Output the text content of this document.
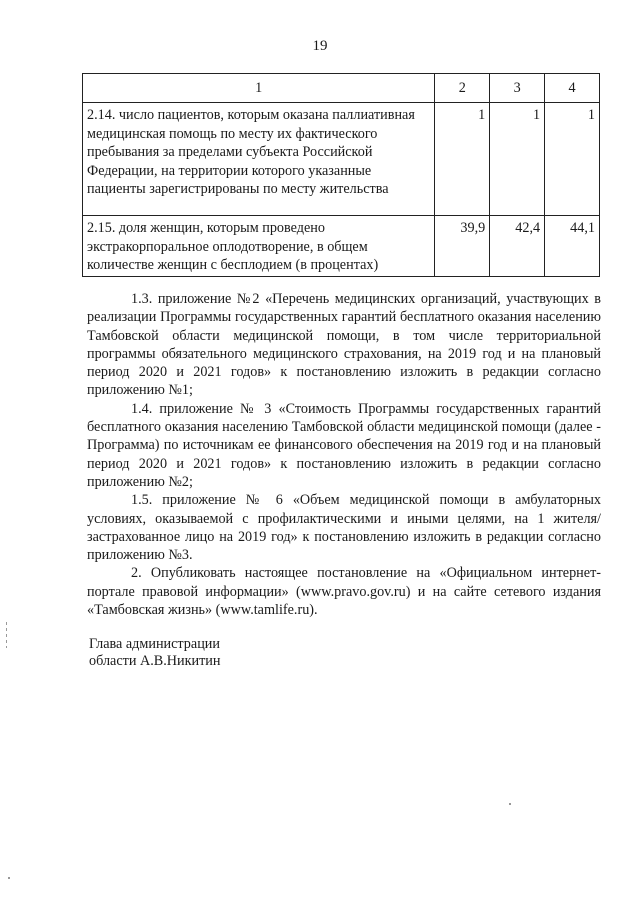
19
1	2	3	4
2.14. число пациентов, которым оказана паллиативная медицинская помощь по месту их фактического пребывания за пределами субъекта Российской Федерации, на территории которого указанные пациенты зарегистрированы по месту жительства	1	1	1
2.15. доля женщин, которым проведено экстракорпоральное оплодотворение, в общем количестве женщин с бесплодием (в процентах)	39,9	42,4	44,1

1.3. приложение №2 «Перечень медицинских организаций, участвующих в реализации Программы государственных гарантий бесплатного оказания населению Тамбовской области медицинской помощи, в том числе территориальной программы обязательного медицинского страхования, на 2019 год и на плановый период 2020 и 2021 годов» к постановлению изложить в редакции согласно приложению №1;

1.4. приложение № 3 «Стоимость Программы государственных гарантий бесплатного оказания населению Тамбовской области медицинской помощи (далее - Программа) по источникам ее финансового обеспечения на 2019 год и на плановый период 2020 и 2021 годов» к постановлению изложить в редакции согласно приложению №2;

1.5. приложение № 6 «Объем медицинской помощи в амбулаторных условиях, оказываемой с профилактическими и иными целями, на 1 жителя/застрахованное лицо на 2019 год» к постановлению изложить в редакции согласно приложению №3.

2. Опубликовать настоящее постановление на «Официальном интернет-портале правовой информации» (www.pravo.gov.ru) и на сайте сетевого издания «Тамбовская жизнь» (www.tamlife.ru).

Глава администрации
области А.В.Никитин
